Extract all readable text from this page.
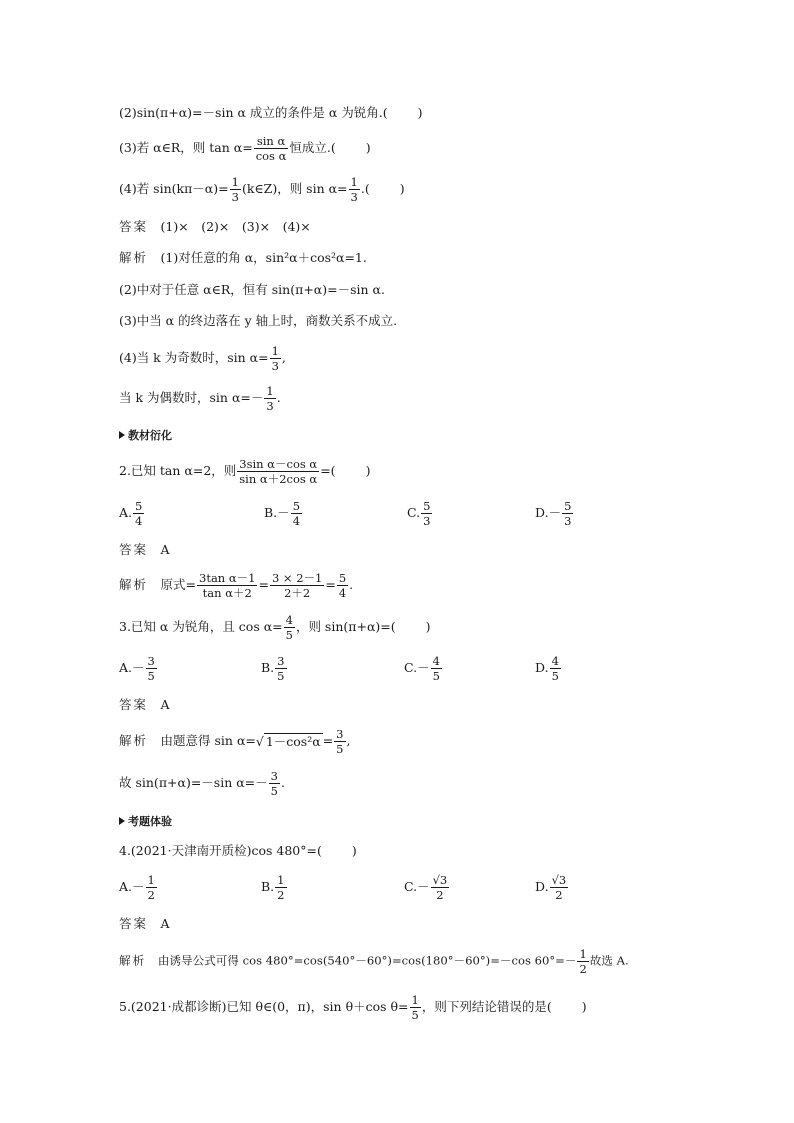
(2)sin(π+α)=－sin α 成立的条件是 α 为锐角.( )
(3)若 α∈R，则 $\tan \alpha= \frac{\text{sin α}}{\text{cos α}}$ 恒成立.( )
(4)若 $\sin(k\pi-\alpha)= \frac{1}{3}$ (k∈Z)，则 $\sin \alpha= \frac{1}{3}$ .( )
答案　 (1)×　(2)×　(3)×　(4)×
解析　 (1)对任意的角 α，sin²α＋cos²α=1.
(2)中对于任意 α∈R，恒有 sin(π+α)=－sin α.
(3)中当 α 的终边落在 y 轴上时，商数关系不成立.
(4)当 k 为奇数时，$\sin \alpha= \frac{1}{3}$ ,
当 k 为偶数时，$\sin \alpha=- \frac{1}{3}$ .
教材衍化
2.已知 tan α=2，则 $\frac{\text{3sin α－cos α}}{\text{sin α＋2cos α}}$ =( )
A. $\frac{5}{4}$	$B.- \frac{5}{4}$	C. $\frac{5}{3}$	$D.- \frac{5}{3}$
答案　 A
解析　 原式= $\frac{\text{3tan α－1}}{\text{tan α＋2}} = \frac{3 \times 2-1}{2+2} = \frac{5}{4}$ .
3.已知 α 为锐角，且 $\cos \alpha= \frac{4}{5}$ ，则 sin(π+α)=( )
$A.- \frac{3}{5}$	B. $\frac{3}{5}$	$C.- \frac{4}{5}$	D. $\frac{4}{5}$
答案　 A
解析　 由题意得 sin α=√ $1-\cos^2\alpha = \frac{3}{5}$ ,
故 sin(π+α)=－sin $\alpha=- \frac{3}{5}$ .
考题体验
4.(2021·天津南开质检)cos 480°=( )
$A.- \frac{1}{2}$	B. $\frac{1}{2}$	$C.- \frac{√3}{2}$	D. $\frac{√3}{2}$
答案　 A
解析　 由诱导公式可得 cos 480°=cos(540°－60°)=cos(180°－60°)=－cos $60^\circ=- \frac{1}{2}$ 故选 A.
5.(2021·成都诊断)已知 θ∈(0，π)，sin θ＋cos $\theta= \frac{1}{5}$ ，则下列结论错误的是( )
